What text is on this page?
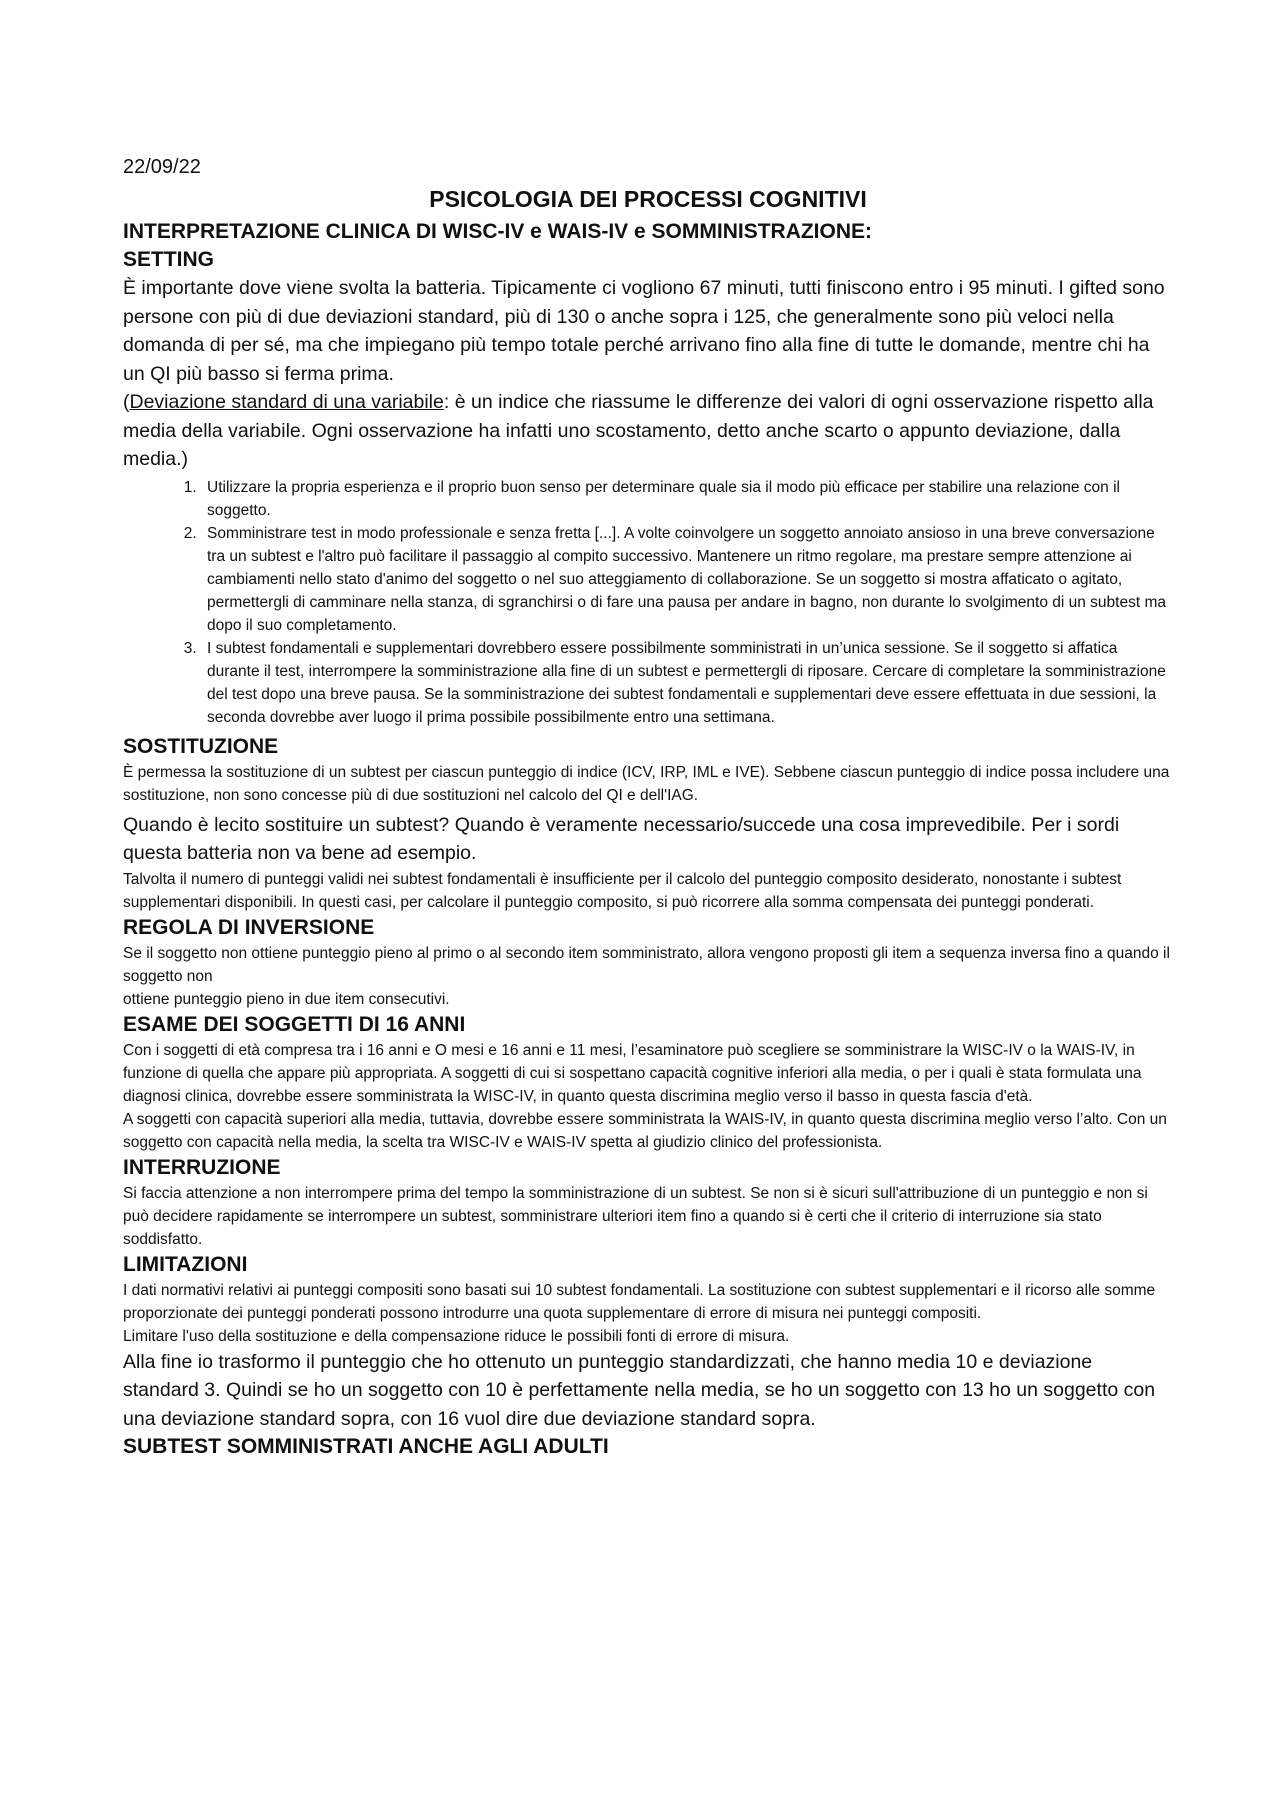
22/09/22

PSICOLOGIA DEI PROCESSI COGNITIVI

INTERPRETAZIONE CLINICA DI WISC-IV e WAIS-IV e SOMMINISTRAZIONE:

SETTING

È importante dove viene svolta la batteria. Tipicamente ci vogliono 67 minuti, tutti finiscono entro i 95 minuti. I gifted sono persone con più di due deviazioni standard, più di 130 o anche sopra i 125, che generalmente sono più veloci nella domanda di per sé, ma che impiegano più tempo totale perché arrivano fino alla fine di tutte le domande, mentre chi ha un QI più basso si ferma prima.

(Deviazione standard di una variabile: è un indice che riassume le differenze dei valori di ogni osservazione rispetto alla media della variabile. Ogni osservazione ha infatti uno scostamento, detto anche scarto o appunto deviazione, dalla media.)

1. Utilizzare la propria esperienza e il proprio buon senso per determinare quale sia il modo più efficace per stabilire una relazione con il soggetto.
2. Somministrare test in modo professionale e senza fretta [...]. A volte coinvolgere un soggetto annoiato ansioso in una breve conversazione tra un subtest e l'altro può facilitare il passaggio al compito successivo. Mantenere un ritmo regolare, ma prestare sempre attenzione ai cambiamenti nello stato d'animo del soggetto o nel suo atteggiamento di collaborazione. Se un soggetto si mostra affaticato o agitato, permettergli di camminare nella stanza, di sgranchirsi o di fare una pausa per andare in bagno, non durante lo svolgimento di un subtest ma dopo il suo completamento.
3. I subtest fondamentali e supplementari dovrebbero essere possibilmente somministrati in un’unica sessione. Se il soggetto si affatica durante il test, interrompere la somministrazione alla fine di un subtest e permettergli di riposare. Cercare di completare la somministrazione del test dopo una breve pausa. Se la somministrazione dei subtest fondamentali e supplementari deve essere effettuata in due sessioni, la seconda dovrebbe aver luogo il prima possibile possibilmente entro una settimana.

SOSTITUZIONE

È permessa la sostituzione di un subtest per ciascun punteggio di indice (ICV, IRP, IML e IVE). Sebbene ciascun punteggio di indice possa includere una sostituzione, non sono concesse più di due sostituzioni nel calcolo del QI e dell'IAG.

Quando è lecito sostituire un subtest? Quando è veramente necessario/succede una cosa imprevedibile. Per i sordi questa batteria non va bene ad esempio.

Talvolta il numero di punteggi validi nei subtest fondamentali è insufficiente per il calcolo del punteggio composito desiderato, nonostante i subtest supplementari disponibili. In questi casi, per calcolare il punteggio composito, si può ricorrere alla somma compensata dei punteggi ponderati.

REGOLA DI INVERSIONE

Se il soggetto non ottiene punteggio pieno al primo o al secondo item somministrato, allora vengono proposti gli item a sequenza inversa fino a quando il soggetto non

ottiene punteggio pieno in due item consecutivi.

ESAME DEI SOGGETTI DI 16 ANNI

Con i soggetti di età compresa tra i 16 anni e O mesi e 16 anni e 11 mesi, l’esaminatore può scegliere se somministrare la WISC-IV o la WAIS-IV, in funzione di quella che appare più appropriata. A soggetti di cui si sospettano capacità cognitive inferiori alla media, o per i quali è stata formulata una diagnosi clinica, dovrebbe essere somministrata la WISC-IV, in quanto questa discrimina meglio verso il basso in questa fascia d'età.

A soggetti con capacità superiori alla media, tuttavia, dovrebbe essere somministrata la WAIS-IV, in quanto questa discrimina meglio verso l’alto. Con un soggetto con capacità nella media, la scelta tra WISC-IV e WAIS-IV spetta al giudizio clinico del professionista.

INTERRUZIONE

Si faccia attenzione a non interrompere prima del tempo la somministrazione di un subtest. Se non si è sicuri sull'attribuzione di un punteggio e non si può decidere rapidamente se interrompere un subtest, somministrare ulteriori item fino a quando si è certi che il criterio di interruzione sia stato soddisfatto.

LIMITAZIONI

I dati normativi relativi ai punteggi compositi sono basati sui 10 subtest fondamentali. La sostituzione con subtest supplementari e il ricorso alle somme proporzionate dei punteggi ponderati possono introdurre una quota supplementare di errore di misura nei punteggi compositi.

Limitare l'uso della sostituzione e della compensazione riduce le possibili fonti di errore di misura.

Alla fine io trasformo il punteggio che ho ottenuto un punteggio standardizzati, che hanno media 10 e deviazione standard 3. Quindi se ho un soggetto con 10 è perfettamente nella media, se ho un soggetto con 13 ho un soggetto con una deviazione standard sopra, con 16 vuol dire due deviazione standard sopra.

SUBTEST SOMMINISTRATI ANCHE AGLI ADULTI
